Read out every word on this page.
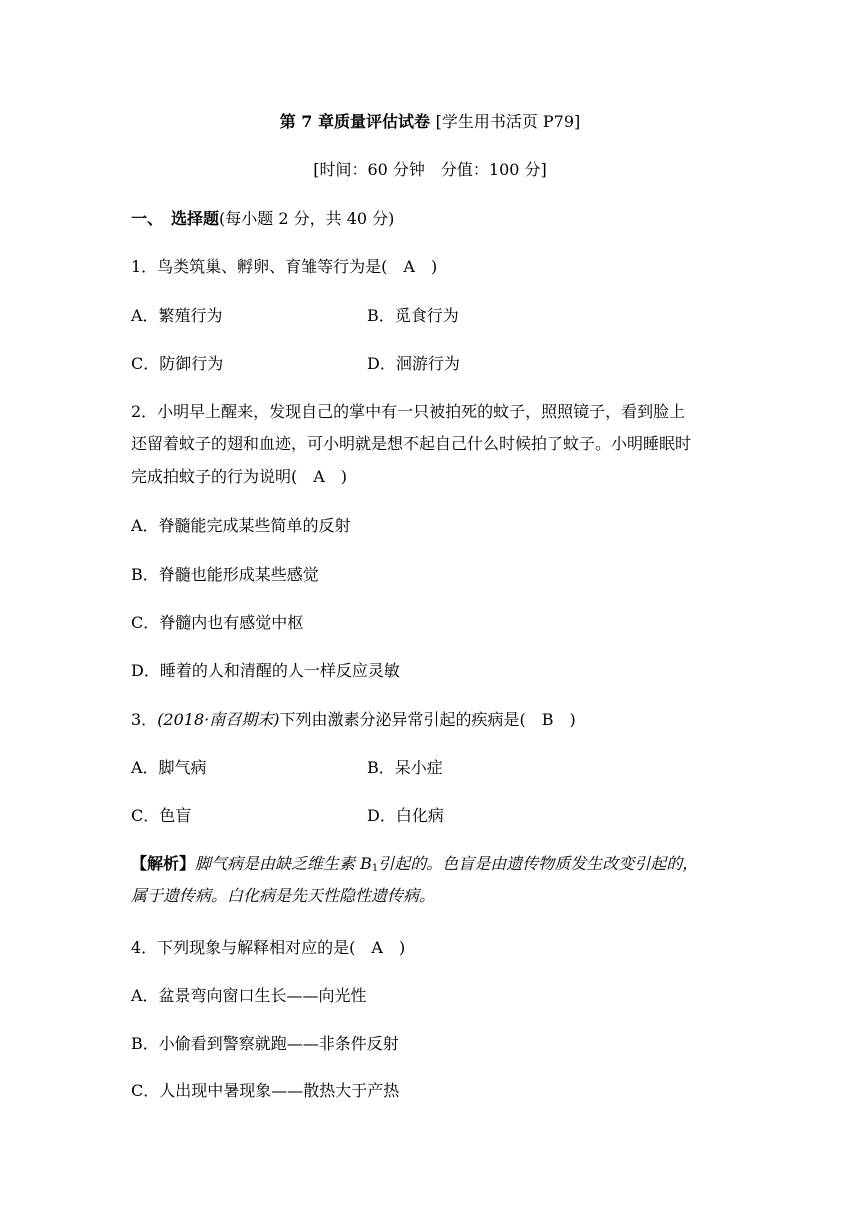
第 7 章质量评估试卷 [学生用书活页 P79]
[时间：60 分钟　分值：100 分]
一、　选择题(每小题 2 分，共 40 分)
1．鸟类筑巢、孵卵、育雏等行为是(　A　)
A．繁殖行为	B．觅食行为
C．防御行为	D．洄游行为
2．小明早上醒来，发现自己的掌中有一只被拍死的蚊子，照照镜子，看到脸上
还留着蚊子的翅和血迹，可小明就是想不起自己什么时候拍了蚊子。小明睡眠时
完成拍蚊子的行为说明(　A　)
A．脊髓能完成某些简单的反射
B．脊髓也能形成某些感觉
C．脊髓内也有感觉中枢
D．睡着的人和清醒的人一样反应灵敏
3．(2018·南召期末)下列由激素分泌异常引起的疾病是(　B　)
A．脚气病	B．呆小症
C．色盲	D．白化病
【解析】脚气病是由缺乏维生素 $B_1$引起的。色盲是由遗传物质发生改变引起的，
属于遗传病。白化病是先天性隐性遗传病。
4．下列现象与解释相对应的是(　A　)
A．盆景弯向窗口生长——向光性
B．小偷看到警察就跑——非条件反射
C．人出现中暑现象——散热大于产热
